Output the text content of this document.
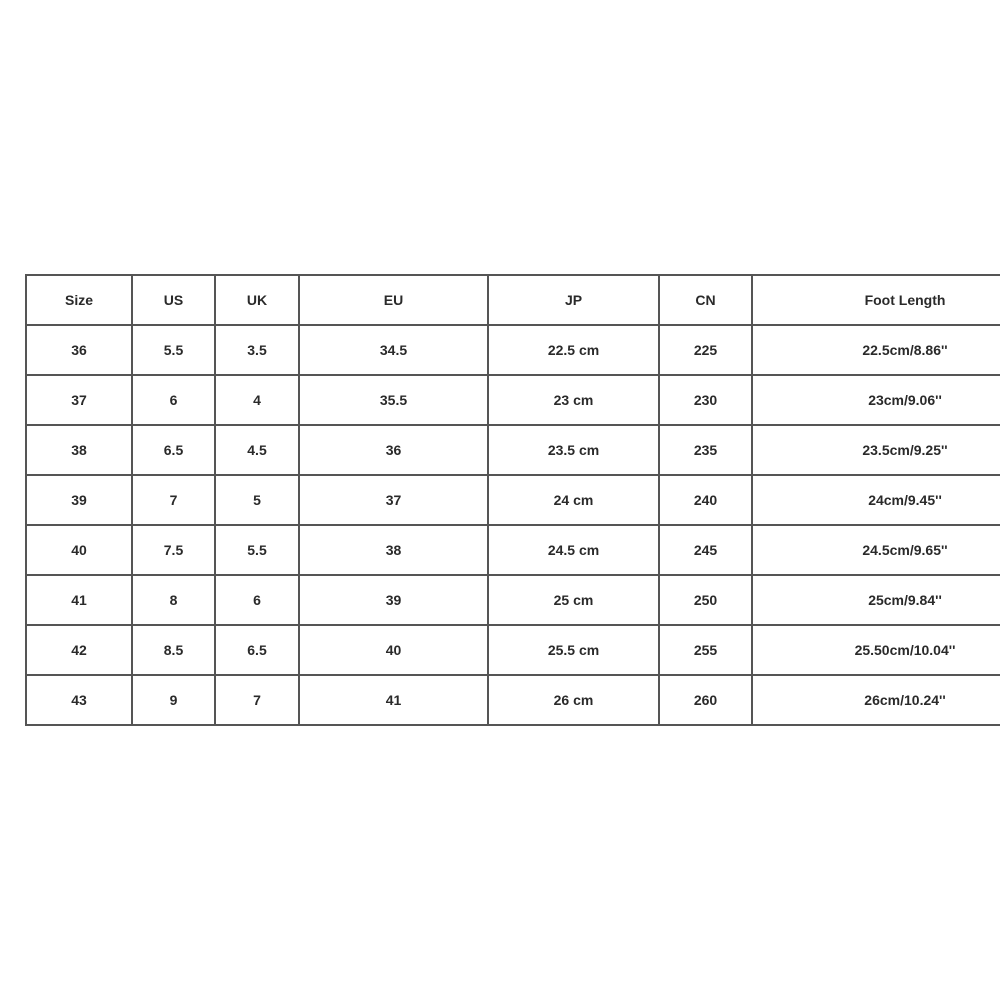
Size	US	UK	EU	JP	CN	Foot Length
36	5.5	3.5	34.5	22.5 cm	225	22.5cm/8.86''
37	6	4	35.5	23 cm	230	23cm/9.06''
38	6.5	4.5	36	23.5 cm	235	23.5cm/9.25''
39	7	5	37	24 cm	240	24cm/9.45''
40	7.5	5.5	38	24.5 cm	245	24.5cm/9.65''
41	8	6	39	25 cm	250	25cm/9.84''
42	8.5	6.5	40	25.5 cm	255	25.50cm/10.04''
43	9	7	41	26 cm	260	26cm/10.24''
